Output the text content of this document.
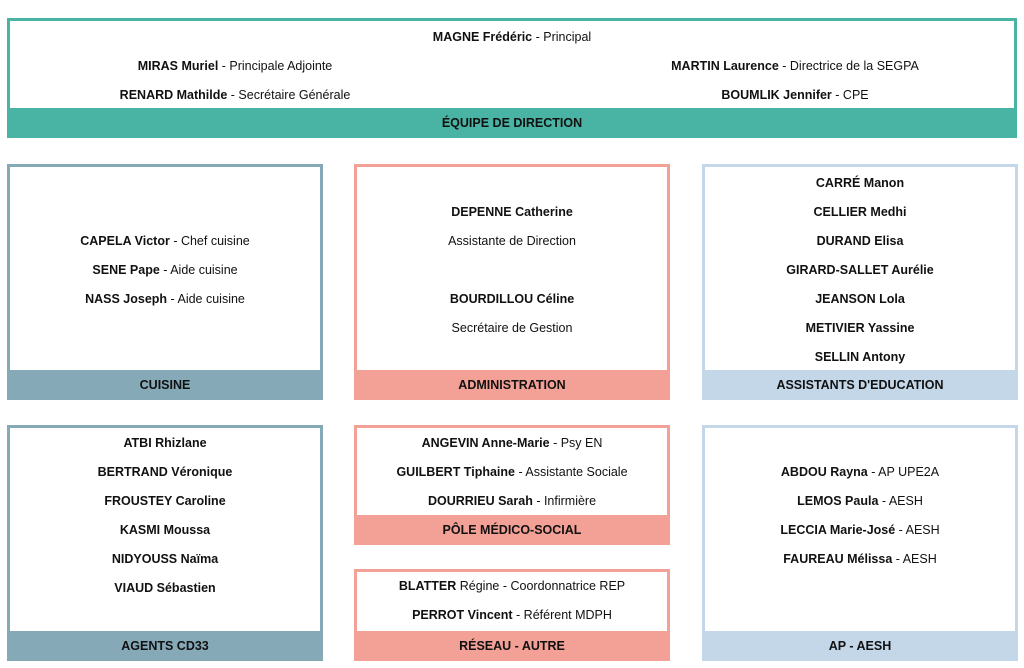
MAGNE Frédéric - Principal
MIRAS Muriel - Principale Adjointe
RENARD Mathilde - Secrétaire Générale
MARTIN Laurence - Directrice de la SEGPA
BOUMLIK Jennifer - CPE
ÉQUIPE DE DIRECTION
CAPELA Victor - Chef cuisine
SENE Pape - Aide cuisine
NASS Joseph - Aide cuisine
CUISINE
DEPENNE Catherine
Assistante de Direction
BOURDILLOU Céline
Secrétaire de Gestion
ADMINISTRATION
CARRÉ Manon
CELLIER Medhi
DURAND Elisa
GIRARD-SALLET Aurélie
JEANSON Lola
METIVIER Yassine
SELLIN Antony
ASSISTANTS D'EDUCATION
ATBI Rhizlane
BERTRAND Véronique
FROUSTEY Caroline
KASMI Moussa
NIDYOUSS Naïma
VIAUD Sébastien
AGENTS CD33
ANGEVIN Anne-Marie - Psy EN
GUILBERT Tiphaine - Assistante Sociale
DOURRIEU Sarah - Infirmière
PÔLE MÉDICO-SOCIAL
BLATTER Régine - Coordonnatrice REP
PERROT Vincent - Référent MDPH
RÉSEAU - AUTRE
ABDOU Rayna - AP UPE2A
LEMOS Paula - AESH
LECCIA Marie-José - AESH
FAUREAU Mélissa - AESH
AP - AESH
